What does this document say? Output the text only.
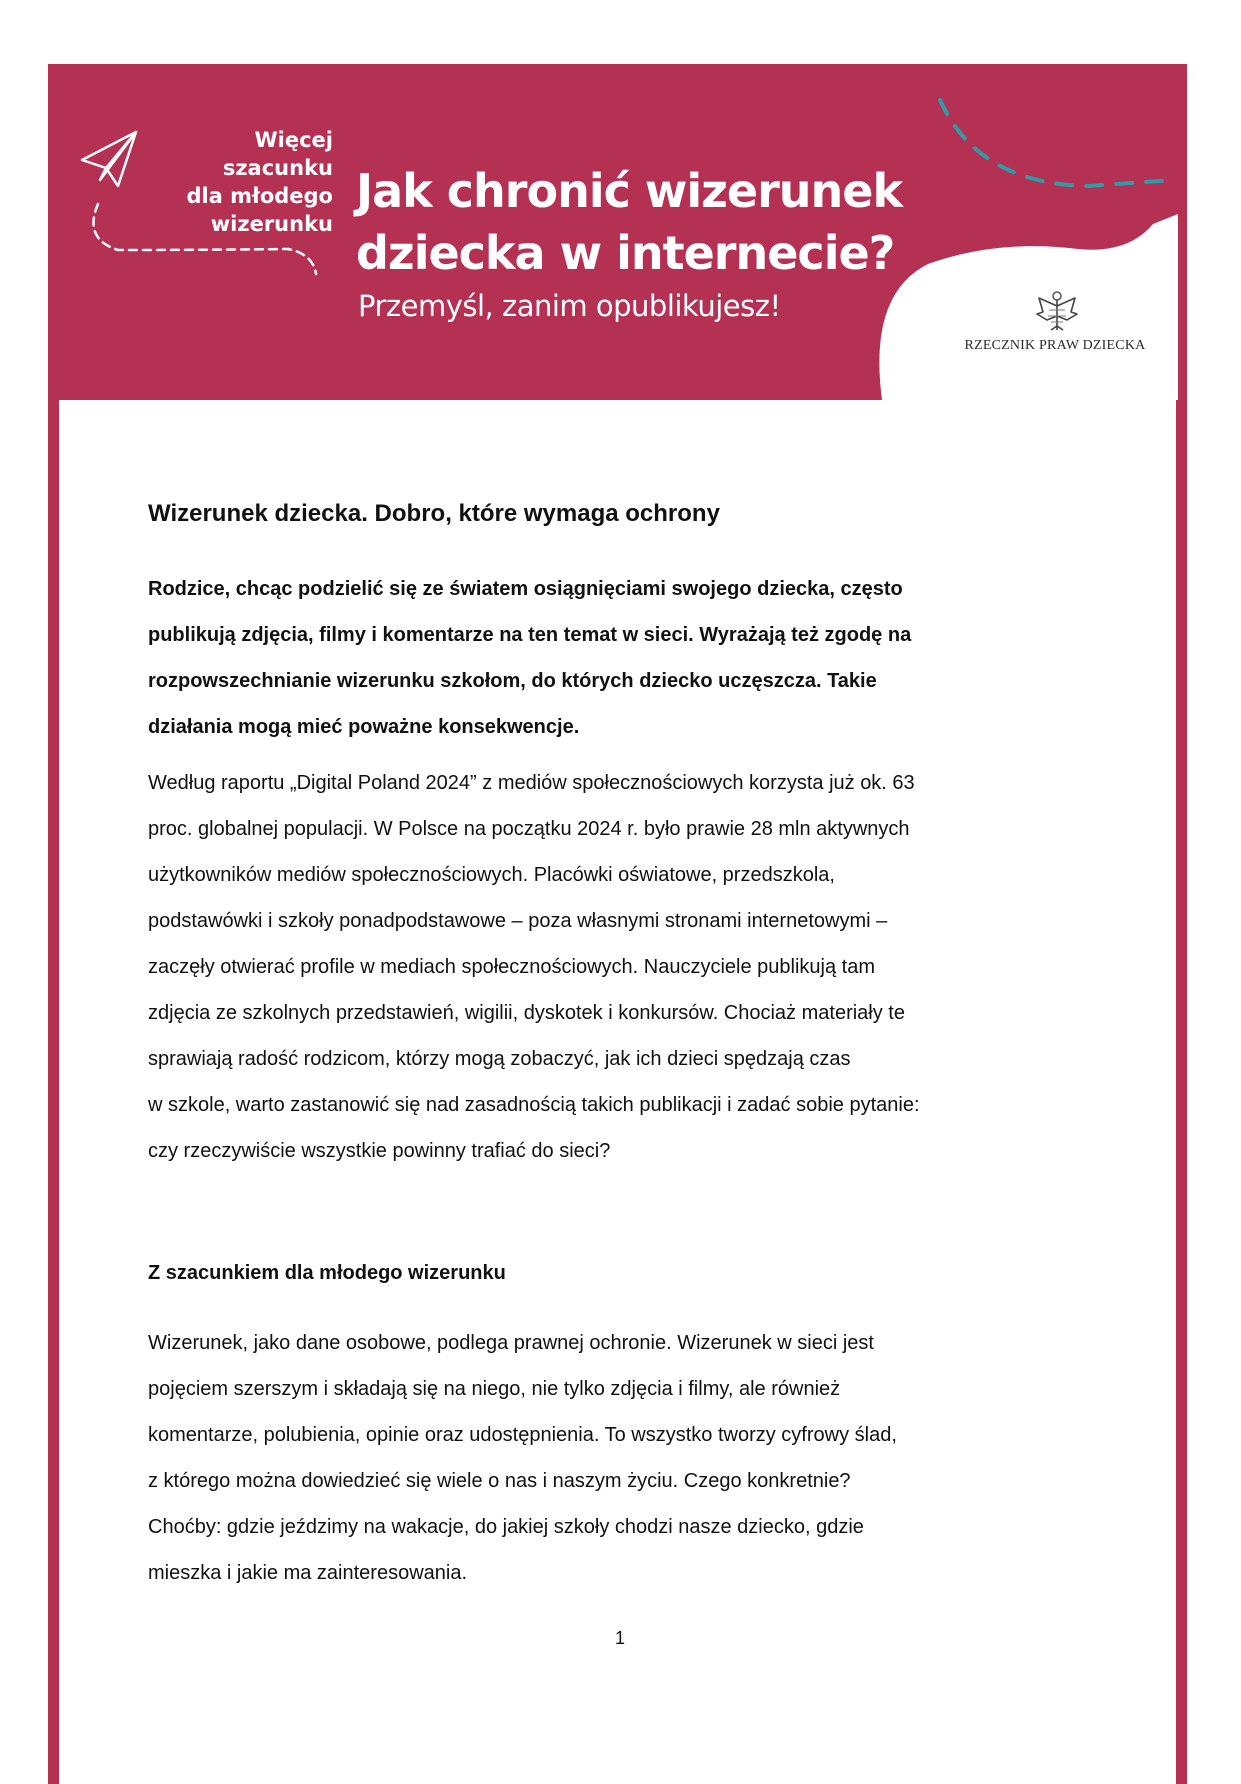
Więcej
szacunku
dla młodego
wizerunku
Jak chronić wizerunek
dziecka w internecie?
Przemyśl, zanim opublikujesz!
RZECZNIK PRAW DZIECKA
Wizerunek dziecka. Dobro, które wymaga ochrony
Rodzice, chcąc podzielić się ze światem osiągnięciami swojego dziecka, często
publikują zdjęcia, filmy i komentarze na ten temat w sieci. Wyrażają też zgodę na
rozpowszechnianie wizerunku szkołom, do których dziecko uczęszcza. Takie
działania mogą mieć poważne konsekwencje.
Według raportu „Digital Poland 2024” z mediów społecznościowych korzysta już ok. 63
proc. globalnej populacji. W Polsce na początku 2024 r. było prawie 28 mln aktywnych
użytkowników mediów społecznościowych. Placówki oświatowe, przedszkola,
podstawówki i szkoły ponadpodstawowe – poza własnymi stronami internetowymi –
zaczęły otwierać profile w mediach społecznościowych. Nauczyciele publikują tam
zdjęcia ze szkolnych przedstawień, wigilii, dyskotek i konkursów. Chociaż materiały te
sprawiają radość rodzicom, którzy mogą zobaczyć, jak ich dzieci spędzają czas
w szkole, warto zastanowić się nad zasadnością takich publikacji i zadać sobie pytanie:
czy rzeczywiście wszystkie powinny trafiać do sieci?
Z szacunkiem dla młodego wizerunku
Wizerunek, jako dane osobowe, podlega prawnej ochronie. Wizerunek w sieci jest
pojęciem szerszym i składają się na niego, nie tylko zdjęcia i filmy, ale również
komentarze, polubienia, opinie oraz udostępnienia. To wszystko tworzy cyfrowy ślad,
z którego można dowiedzieć się wiele o nas i naszym życiu. Czego konkretnie?
Choćby: gdzie jeździmy na wakacje, do jakiej szkoły chodzi nasze dziecko, gdzie
mieszka i jakie ma zainteresowania.
1
